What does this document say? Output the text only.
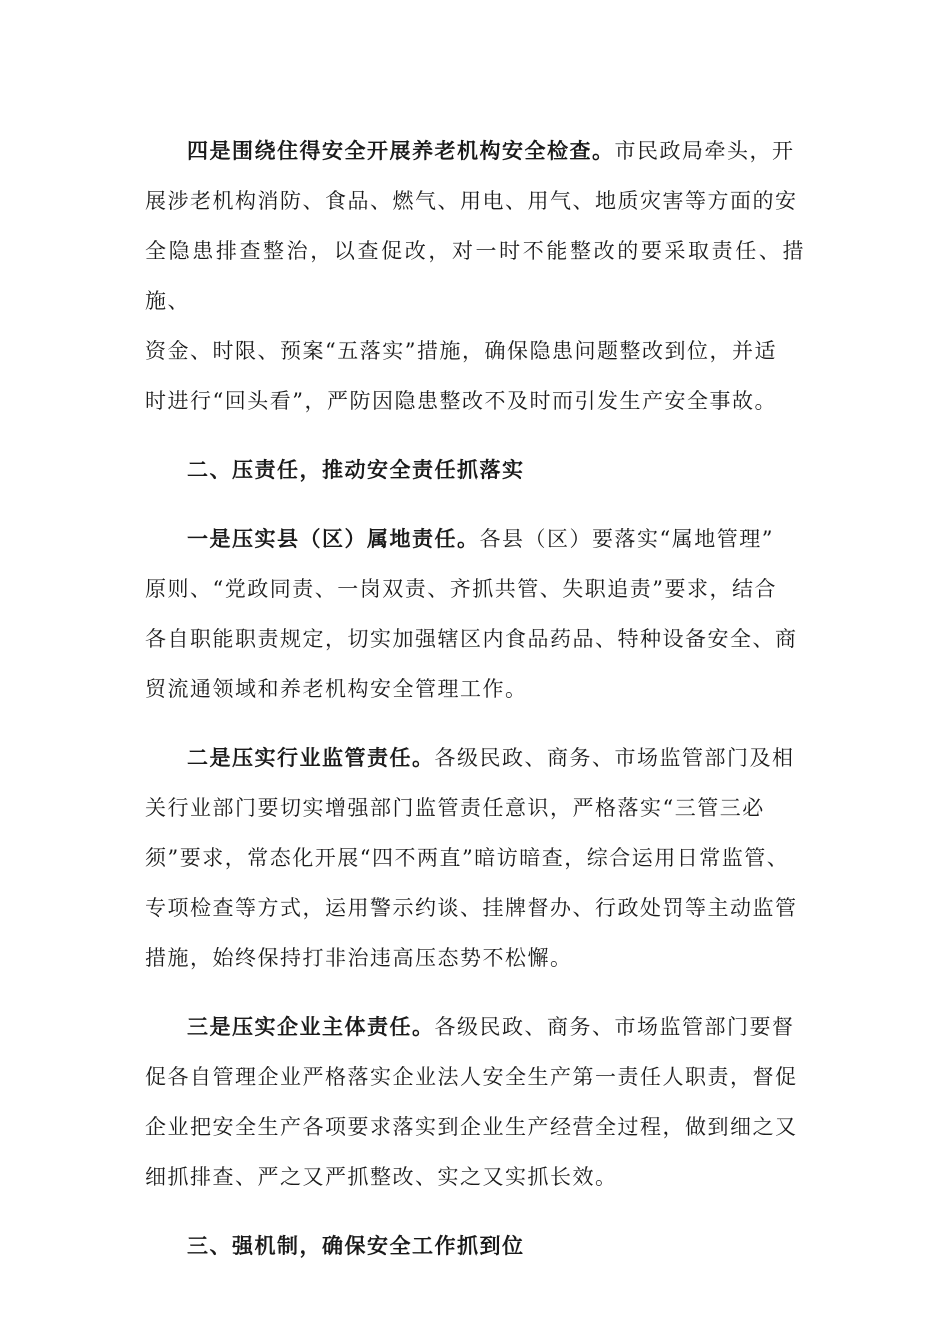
四是围绕住得安全开展养老机构安全检查。市民政局牵头，开
展涉老机构消防、食品、燃气、用电、用气、地质灾害等方面的安
全隐患排查整治，以查促改，对一时不能整改的要采取责任、措施、
资金、时限、预案“五落实”措施，确保隐患问题整改到位，并适
时进行“回头看”，严防因隐患整改不及时而引发生产安全事故。

二、压责任，推动安全责任抓落实

一是压实县（区）属地责任。各县（区）要落实“属地管理”
原则、“党政同责、一岗双责、齐抓共管、失职追责”要求，结合
各自职能职责规定，切实加强辖区内食品药品、特种设备安全、商
贸流通领域和养老机构安全管理工作。

二是压实行业监管责任。各级民政、商务、市场监管部门及相
关行业部门要切实增强部门监管责任意识，严格落实“三管三必
须”要求，常态化开展“四不两直”暗访暗查，综合运用日常监管、
专项检查等方式，运用警示约谈、挂牌督办、行政处罚等主动监管
措施，始终保持打非治违高压态势不松懈。

三是压实企业主体责任。各级民政、商务、市场监管部门要督
促各自管理企业严格落实企业法人安全生产第一责任人职责，督促
企业把安全生产各项要求落实到企业生产经营全过程，做到细之又
细抓排查、严之又严抓整改、实之又实抓长效。

三、强机制，确保安全工作抓到位
